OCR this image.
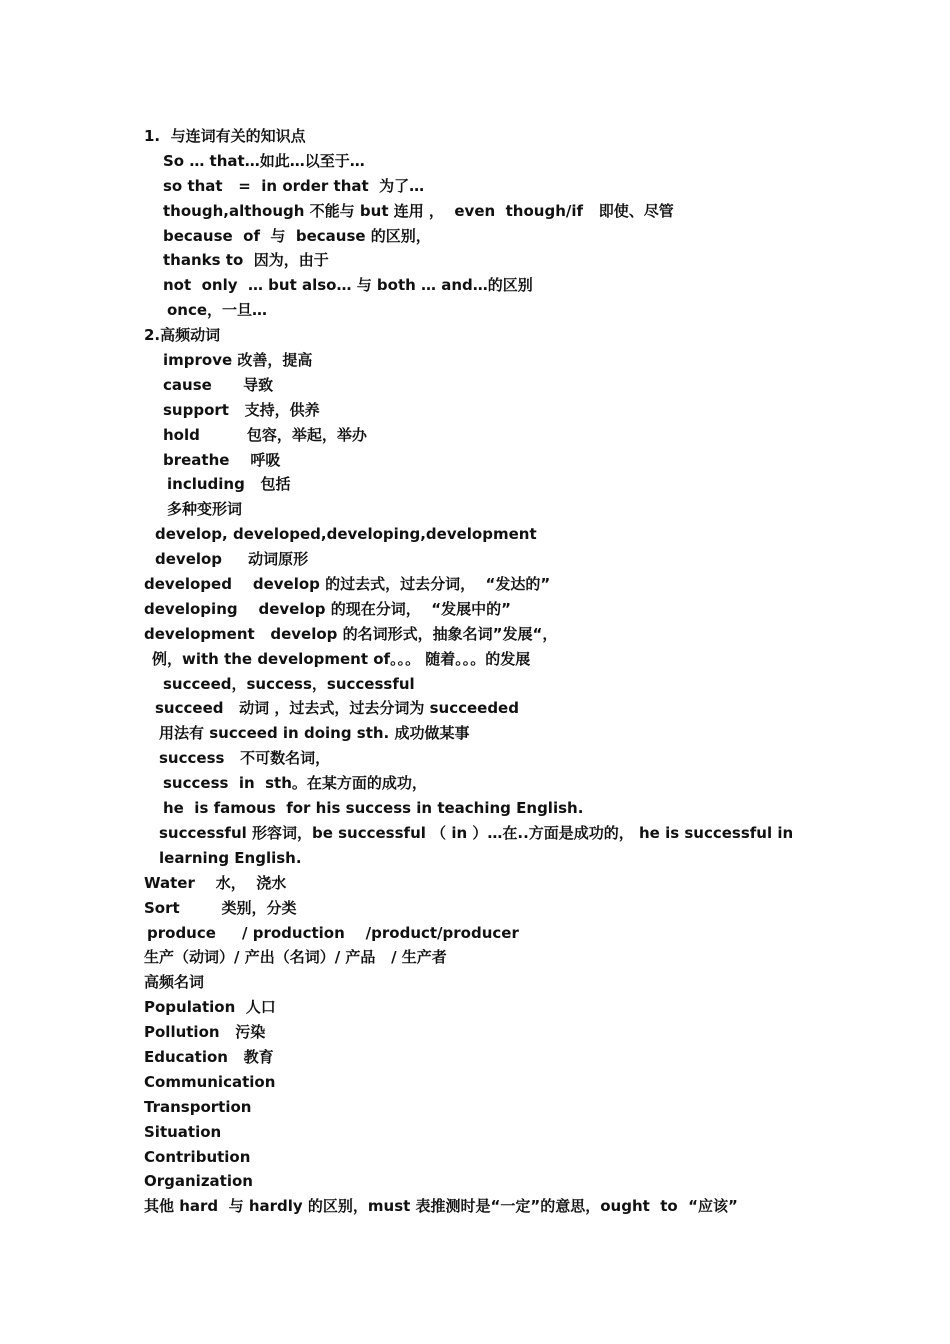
1.  与连词有关的知识点
So … that…如此…以至于…
so that   =  in order that  为了…
though,although 不能与 but 连用 ，  even  though/if   即使、尽管
because  of  与  because 的区别，
thanks to  因为，由于
not  only  … but also… 与 both … and…的区别
once，一旦…
2.高频动词
improve 改善，提高
cause      导致
support   支持，供养
hold         包容，举起，举办
breathe    呼吸
including   包括
多种变形词
develop, developed,developing,development
develop     动词原形
developed    develop 的过去式，过去分词，  “发达的”
developing    develop 的现在分词，  “发展中的”
development   develop 的名词形式，抽象名词”发展“，
例，with the development of。。。 随着。。。的发展
succeed，success，successful
succeed   动词 ，过去式，过去分词为 succeeded
用法有 succeed in doing sth. 成功做某事
success   不可数名词，
success  in  sth。在某方面的成功，
he  is famous  for his success in teaching English.
successful 形容词，be successful （ in ）…在..方面是成功的， he is successful in learning English.
Water    水，  浇水
Sort        类别，分类
produce     / production    /product/producer
生产（动词）/ 产出（名词）/ 产品   / 生产者
高频名词
Population  人口
Pollution   污染
Education   教育
Communication
Transportion
Situation
Contribution
Organization
其他 hard  与 hardly 的区别，must 表推测时是“一定”的意思，ought  to  “应该”
